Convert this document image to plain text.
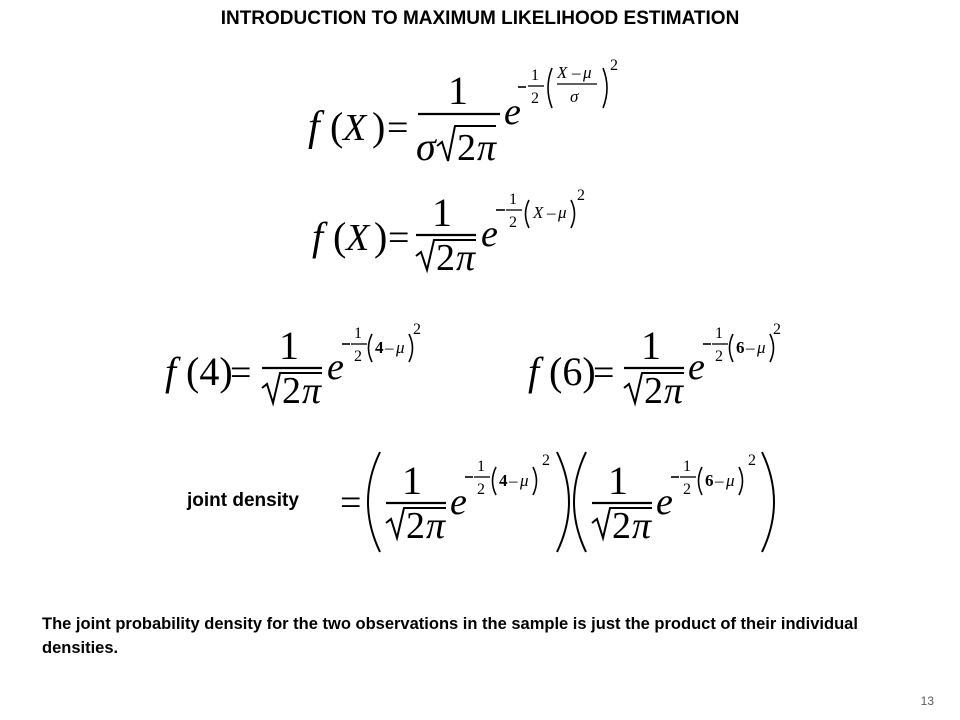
INTRODUCTION TO MAXIMUM LIKELIHOOD ESTIMATION
f ( X ) =
1
σ 2 π
e
1
2
X – μ
σ
2
f ( X ) =
1
2 π
e
1
2
X – μ
2
f (4)
=
1
2 π
e
1
2 4 – μ
2
f (6)
=
1
2 π
e
1
2 6 – μ
2
= 1
2 π
e
1
2 4 – μ
2 1
2 π
e
1
2 6 – μ
2
joint density
The joint probability density for the two observations in the sample is just the product of their individual densities.
13
